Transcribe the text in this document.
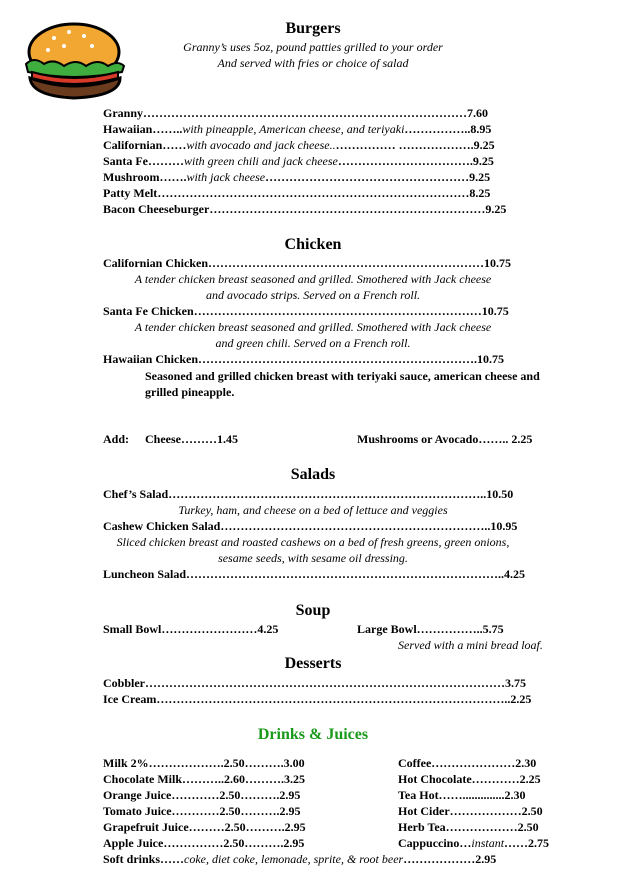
Burgers
Granny’s uses 5oz, pound patties grilled to your order
And served with fries or choice of salad
Granny………………………………………………………………………7.60
Hawaiian……..with pineapple, American cheese, and teriyaki……………..8.95
Californian……with avocado and jack cheese..…………… ……………….9.25
Santa Fe………with green chili and jack cheese…………………………….9.25
Mushroom…….with jack cheese……………………………………………9.25
Patty Melt……………………………………………………………………8.25
Bacon Cheeseburger……………………………………………………………9.25
Chicken
Californian Chicken……………………………………………………………10.75
A tender chicken breast seasoned and grilled. Smothered with Jack cheese
and avocado strips. Served on a French roll.
Santa Fe Chicken………………………………………………………………10.75
A tender chicken breast seasoned and grilled. Smothered with Jack cheese
and green chili. Served on a French roll.
Hawaiian Chicken…………………………………………………………….10.75
Seasoned and grilled chicken breast with teriyaki sauce, american cheese and
grilled pineapple.
Add: Cheese………1.45	Mushrooms or Avocado…….. 2.25
Salads
Chef’s Salad……………………………………………………………………..10.50
Turkey, ham, and cheese on a bed of lettuce and veggies
Cashew Chicken Salad…………………………………………………………..10.95
Sliced chicken breast and roasted cashews on a bed of fresh greens, green onions,
sesame seeds, with sesame oil dressing.
Luncheon Salad……………………………………………………………………..4.25
Soup
Small Bowl……………………4.25	Large Bowl……………..5.75
Served with a mini bread loaf.
Desserts
Cobbler………………………………………………………………………………3.75
Ice Cream……………………………………………………………………………..2.25
Drinks & Juices
Milk 2%……………….2.50……….3.00
Chocolate Milk………..2.60……….3.25
Orange Juice…………2.50……….2.95
Tomato Juice…………2.50……….2.95
Grapefruit Juice………2.50……….2.95
Apple Juice……………2.50……….2.95
Coffee…………………2.30
Hot Chocolate…………2.25
Tea Hot……..............2.30
Hot Cider………………2.50
Herb Tea………………2.50
Cappuccino…instant……2.75
Soft drinks……coke, diet coke, lemonade, sprite, & root beer………………2.95
